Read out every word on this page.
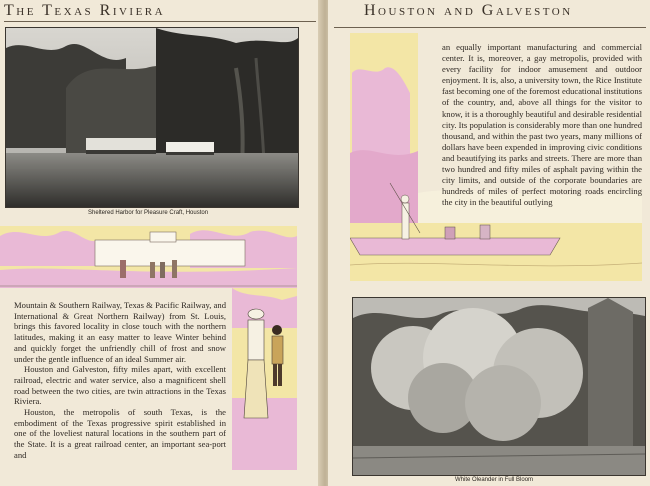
The Texas Riviera
Sheltered Harbor for Pleasure Craft, Houston

Mountain & Southern Railway, Texas & Pacific Railway, and International & Great Northern Railway) from St. Louis, brings this favored locality in close touch with the northern latitudes, making it an easy matter to leave Winter behind and quickly forget the unfriendly chill of frost and snow under the gentle influence of an ideal Summer air.

Houston and Galveston, fifty miles apart, with excellent railroad, electric and water service, also a magnificent shell road between the two cities, are twin attractions in the Texas Riviera.

Houston, the metropolis of south Texas, is the embodiment of the Texas progressive spirit established in one of the loveliest natural locations in the southern part of the State. It is a great railroad center, an important sea-port and

Houston and Galveston

an equally important manufacturing and commercial center. It is, moreover, a gay metropolis, provided with every facility for indoor amusement and outdoor enjoyment. It is, also, a university town, the Rice Institute fast becoming one of the foremost educational institutions of the country, and, above all things for the visitor to know, it is a thoroughly beautiful and desirable residential city. Its population is considerably more than one hundred thousand, and within the past two years, many millions of dollars have been expended in improving civic conditions and beautifying its parks and streets. There are more than two hundred and fifty miles of asphalt paving within the city limits, and outside of the corporate boundaries are hundreds of miles of perfect motoring roads encircling the city in the beautiful outlying

White Oleander in Full Bloom
